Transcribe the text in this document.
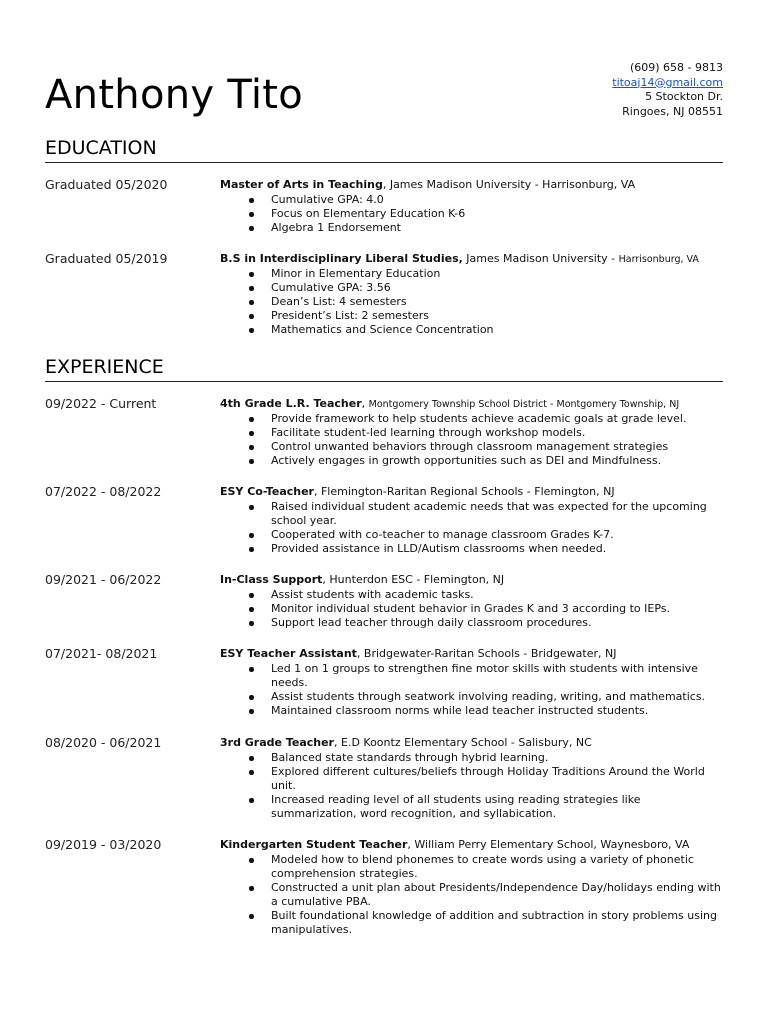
Anthony Tito
(609) 658 - 9813
titoaj14@gmail.com
5 Stockton Dr.
Ringoes, NJ 08551
EDUCATION
Graduated 05/2020	Master of Arts in Teaching, James Madison University - Harrisonburg, VA
Cumulative GPA: 4.0
Focus on Elementary Education K-6
Algebra 1 Endorsement
Graduated 05/2019	B.S in Interdisciplinary Liberal Studies, James Madison University - Harrisonburg, VA
Minor in Elementary Education
Cumulative GPA: 3.56
Dean’s List: 4 semesters
President’s List: 2 semesters
Mathematics and Science Concentration
EXPERIENCE
09/2022 - Current	4th Grade L.R. Teacher, Montgomery Township School District - Montgomery Township, NJ
Provide framework to help students achieve academic goals at grade level.
Facilitate student-led learning through workshop models.
Control unwanted behaviors through classroom management strategies
Actively engages in growth opportunities such as DEI and Mindfulness.
07/2022 - 08/2022	ESY Co-Teacher, Flemington-Raritan Regional Schools - Flemington, NJ
Raised individual student academic needs that was expected for the upcoming school year.
Cooperated with co-teacher to manage classroom Grades K-7.
Provided assistance in LLD/Autism classrooms when needed.
09/2021 - 06/2022	In-Class Support, Hunterdon ESC - Flemington, NJ
Assist students with academic tasks.
Monitor individual student behavior in Grades K and 3 according to IEPs.
Support lead teacher through daily classroom procedures.
07/2021- 08/2021	ESY Teacher Assistant, Bridgewater-Raritan Schools - Bridgewater, NJ
Led 1 on 1 groups to strengthen fine motor skills with students with intensive needs.
Assist students through seatwork involving reading, writing, and mathematics.
Maintained classroom norms while lead teacher instructed students.
08/2020 - 06/2021	3rd Grade Teacher, E.D Koontz Elementary School - Salisbury, NC
Balanced state standards through hybrid learning.
Explored different cultures/beliefs through Holiday Traditions Around the World unit.
Increased reading level of all students using reading strategies like summarization, word recognition, and syllabication.
09/2019 - 03/2020	Kindergarten Student Teacher, William Perry Elementary School, Waynesboro, VA
Modeled how to blend phonemes to create words using a variety of phonetic comprehension strategies.
Constructed a unit plan about Presidents/Independence Day/holidays ending with a cumulative PBA.
Built foundational knowledge of addition and subtraction in story problems using manipulatives.
